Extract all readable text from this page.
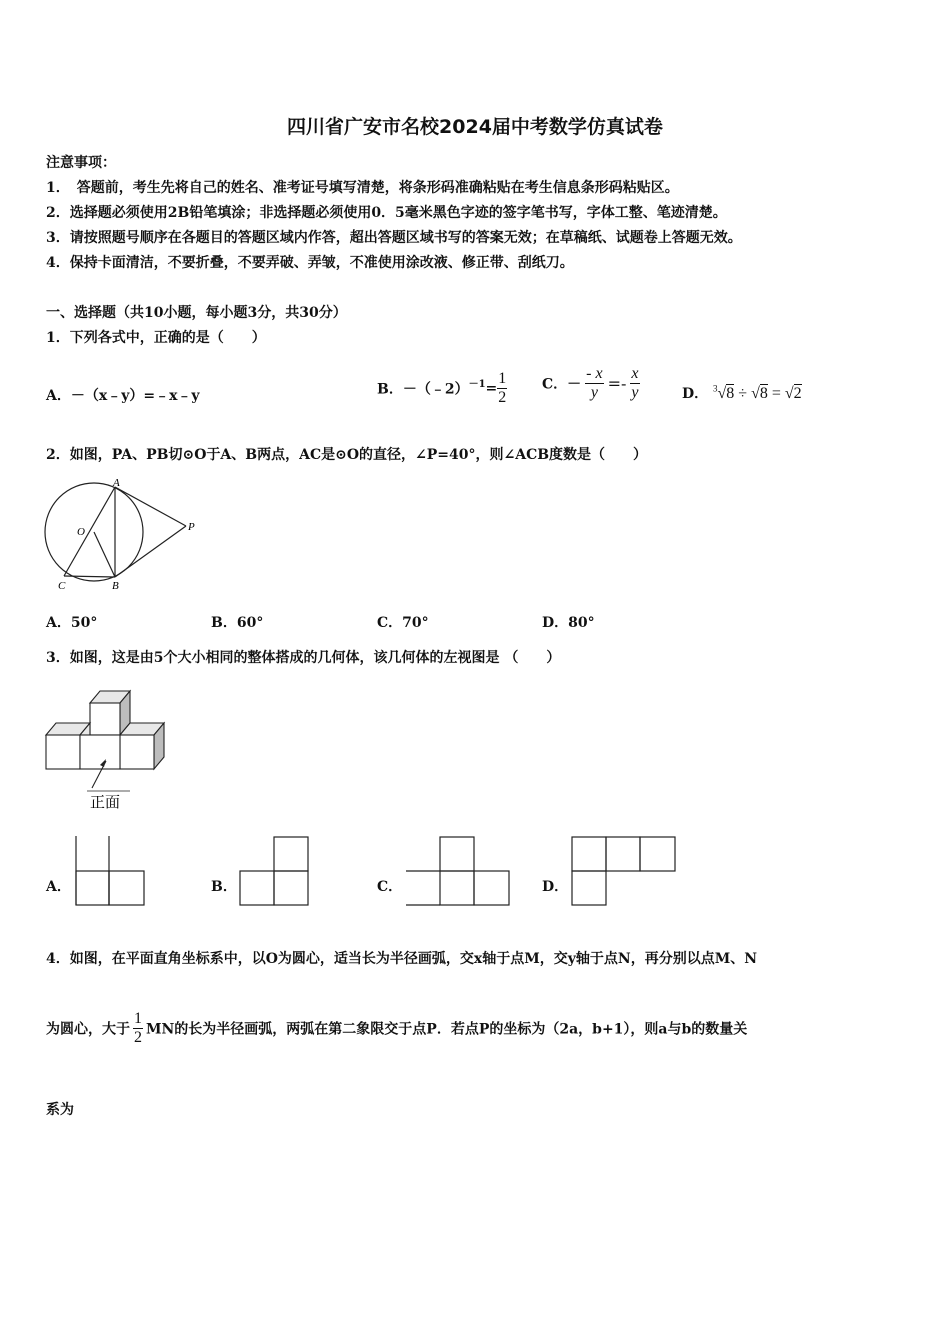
四川省广安市名校2024届中考数学仿真试卷
注意事项：
1．　答题前，考生先将自己的姓名、准考证号填写清楚，将条形码准确粘贴在考生信息条形码粘贴区。
2．选择题必须使用2B铅笔填涂；非选择题必须使用0．5毫米黑色字迹的签字笔书写，字体工整、笔迹清楚。
3．请按照题号顺序在各题目的答题区域内作答，超出答题区域书写的答案无效；在草稿纸、试题卷上答题无效。
4．保持卡面清洁，不要折叠，不要弄破、弄皱，不准使用涂改液、修正带、刮纸刀。
一、选择题（共10小题，每小题3分，共30分）
1．下列各式中，正确的是（　　）
A．－（x﹣y）=﹣x﹣y	B．－（﹣2）$^{-1}$= $\frac{1}{2}$ C．－ $\frac{- x}{y} =- \frac{x}{y}$	D． $^3$√8 ÷ √8 = √2
2．如图，PA、PB切⊙O于A、B两点，AC是⊙O的直径，∠P=40°，则∠ACB度数是（　　）
A
B
C
O	P
A．50°	B．60°	C．70°	D．80°
3．如图，这是由5个大小相同的整体搭成的几何体，该几何体的左视图是 （　　）
正面
A．	B．	C．	D．
4．如图，在平面直角坐标系中，以O为圆心，适当长为半径画弧，交x轴于点M，交y轴于点N，再分别以点M、N
为圆心，大于 $\frac{1}{2}$ MN的长为半径画弧，两弧在第二象限交于点P．若点P的坐标为（2a，b+1），则a与b的数量关
系为
